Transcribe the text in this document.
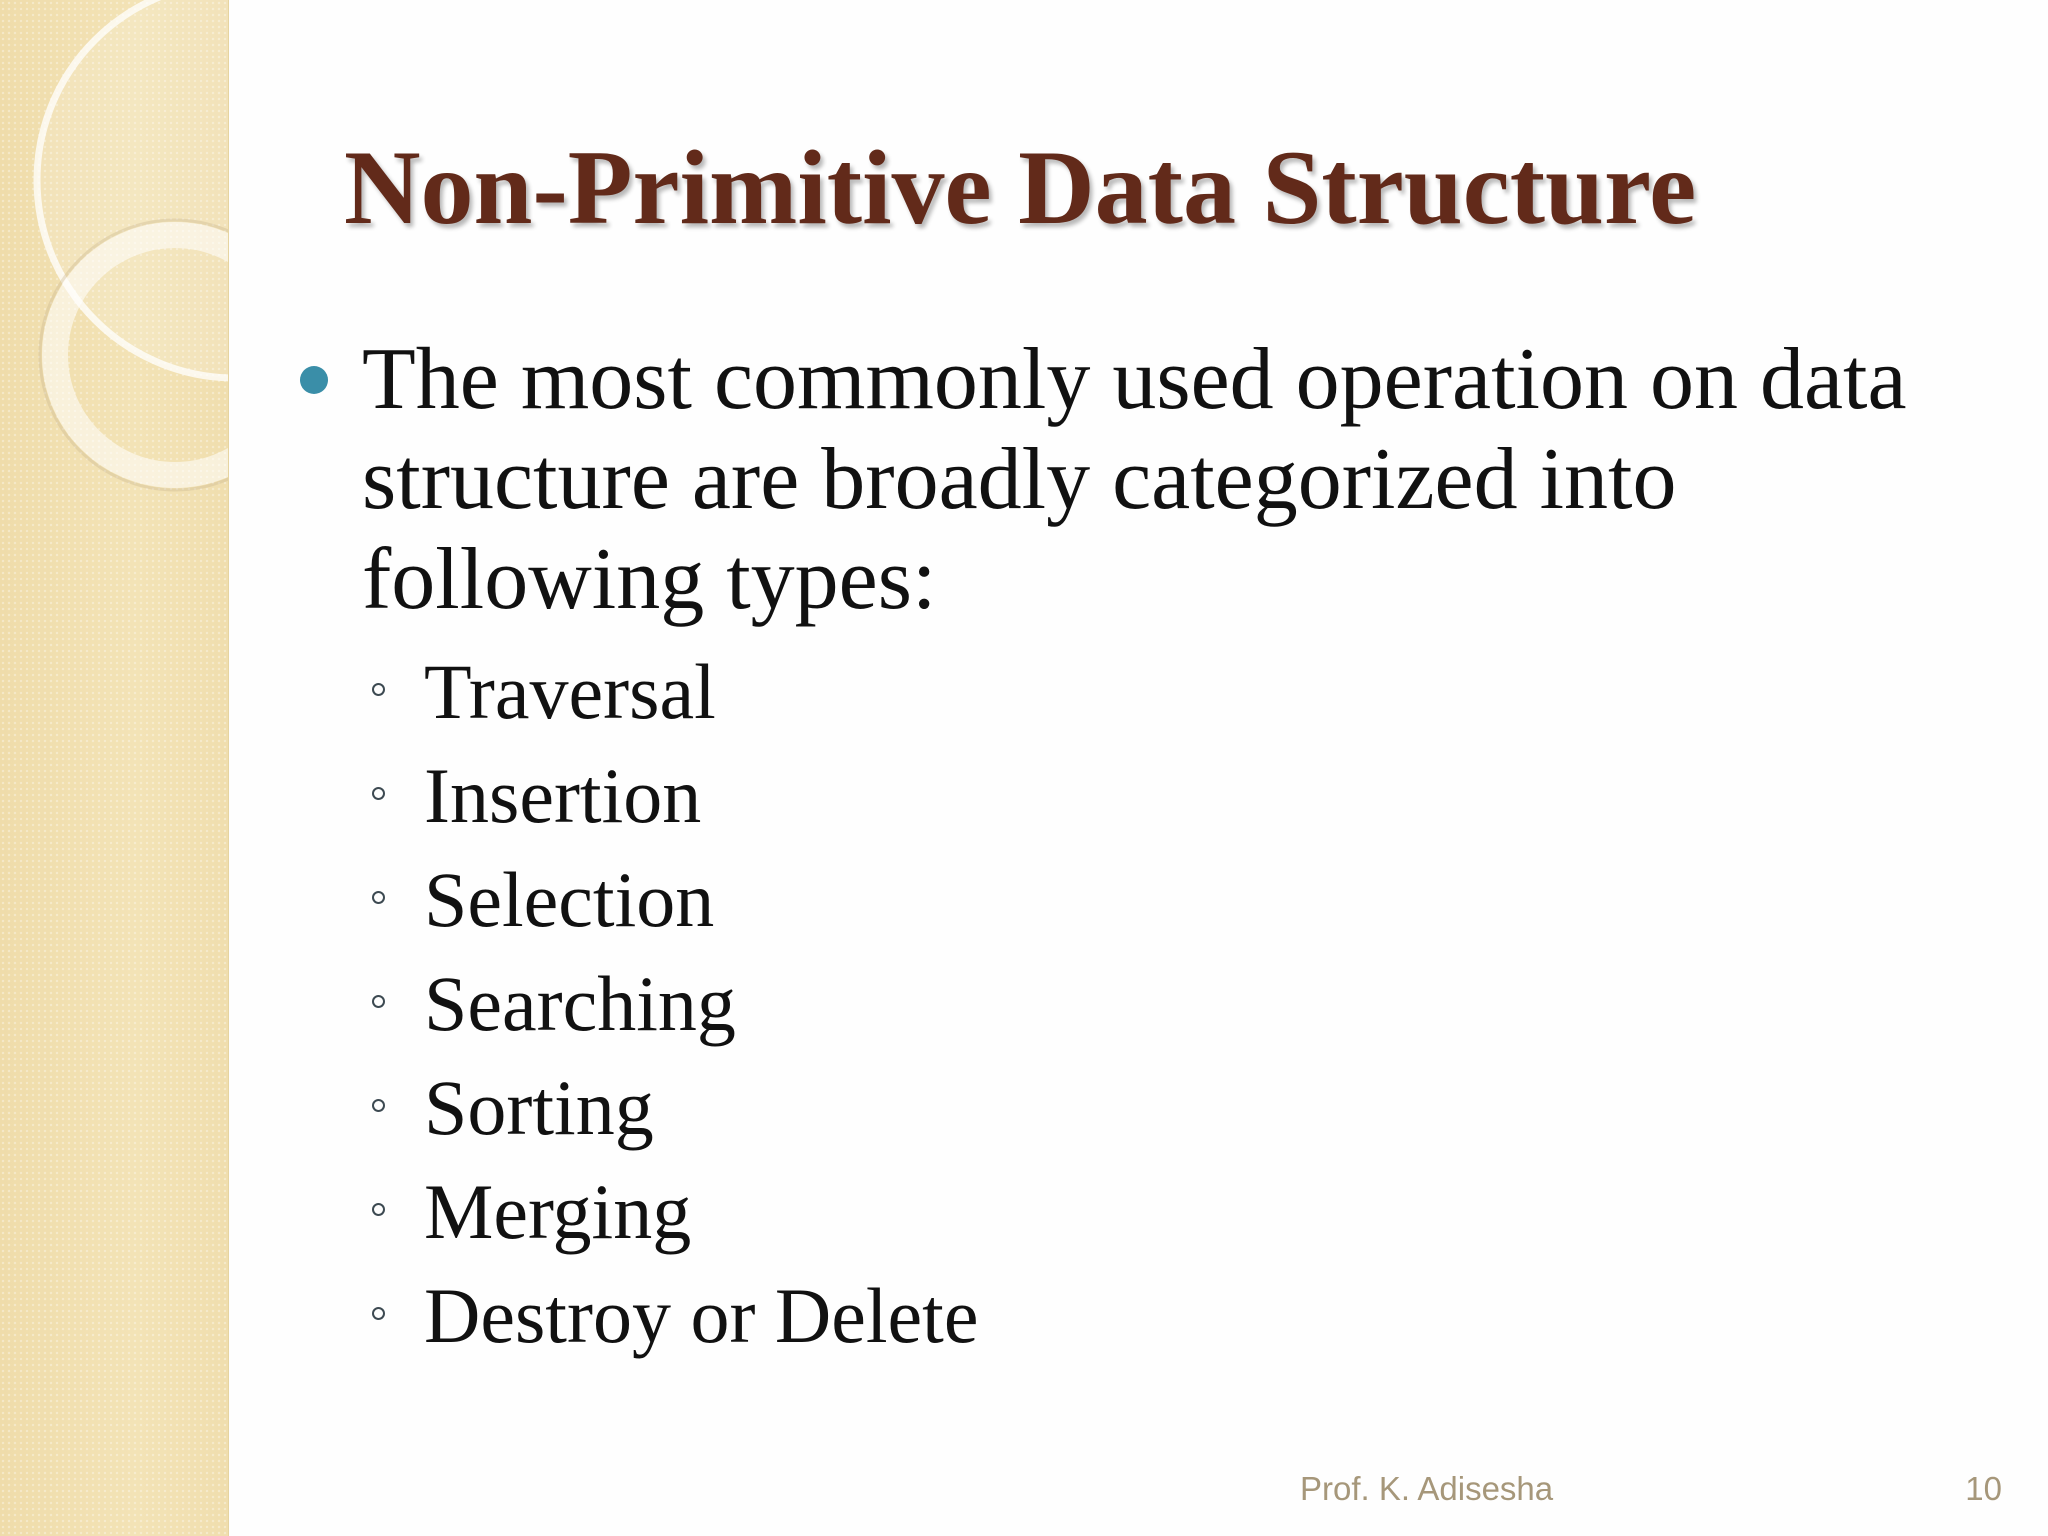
Non-Primitive Data Structure
The most commonly used operation on data structure are broadly categorized into following types:
Traversal
Insertion
Selection
Searching
Sorting
Merging
Destroy or Delete
Prof. K. Adisesha	10
